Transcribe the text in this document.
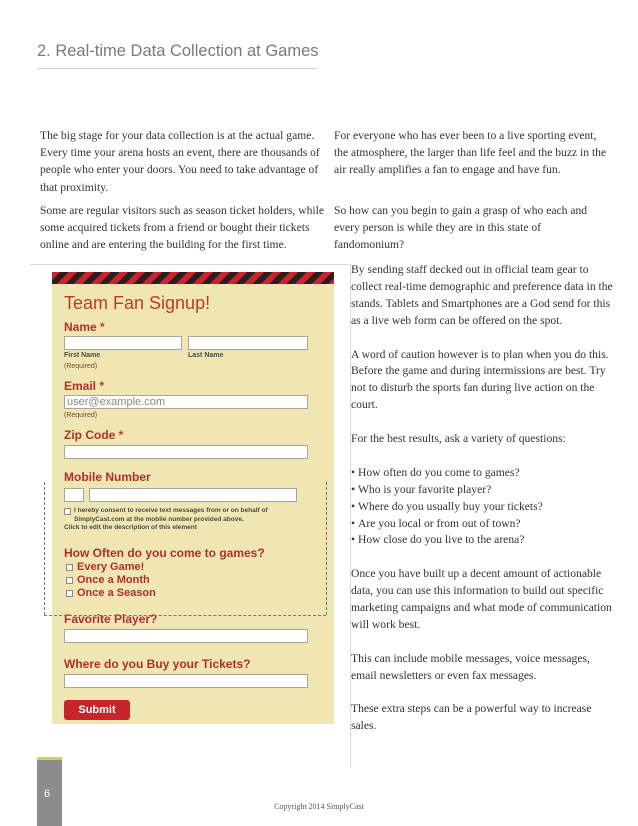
2. Real-time Data Collection at Games

The big stage for your data collection is at the actual game. Every time your arena hosts an event, there are thousands of people who enter your doors. You need to take advantage of that proximity.

Some are regular visitors such as season ticket holders, while some acquired tickets from a friend or bought their tickets online and are entering the building for the first time.

For everyone who has ever been to a live sporting event, the atmosphere, the larger than life feel and the buzz in the air really amplifies a fan to engage and have fun.

So how can you begin to gain a grasp of who each and every person is while they are in this state of fandomonium?

Team Fan Signup!
Name *
First Name	Last Name
(Required)
Email *
user@example.com
(Required)
Zip Code *
Mobile Number
I hereby consent to receive text messages from or on behalf of SimplyCast.com at the mobile number provided above.
Click to edit the description of this element
How Often do you come to games?
Every Game!
Once a Month
Once a Season
Favorite Player?
Where do you Buy your Tickets?
Submit

By sending staff decked out in official team gear to collect real-time demographic and preference data in the stands. Tablets and Smartphones are a God send for this as a live web form can be offered on the spot.

A word of caution however is to plan when you do this. Before the game and during intermissions are best. Try not to disturb the sports fan during live action on the court.

For the best results, ask a variety of questions:

• How often do you come to games?
• Who is your favorite player?
• Where do you usually buy your tickets?
• Are you local or from out of town?
• How close do you live to the arena?

Once you have built up a decent amount of actionable data, you can use this information to build out specific marketing campaigns and what mode of communication will work best.

This can include mobile messages, voice messages, email newsletters or even fax messages.

These extra steps can be a powerful way to increase sales.

6
Copyright 2014 SimplyCast
